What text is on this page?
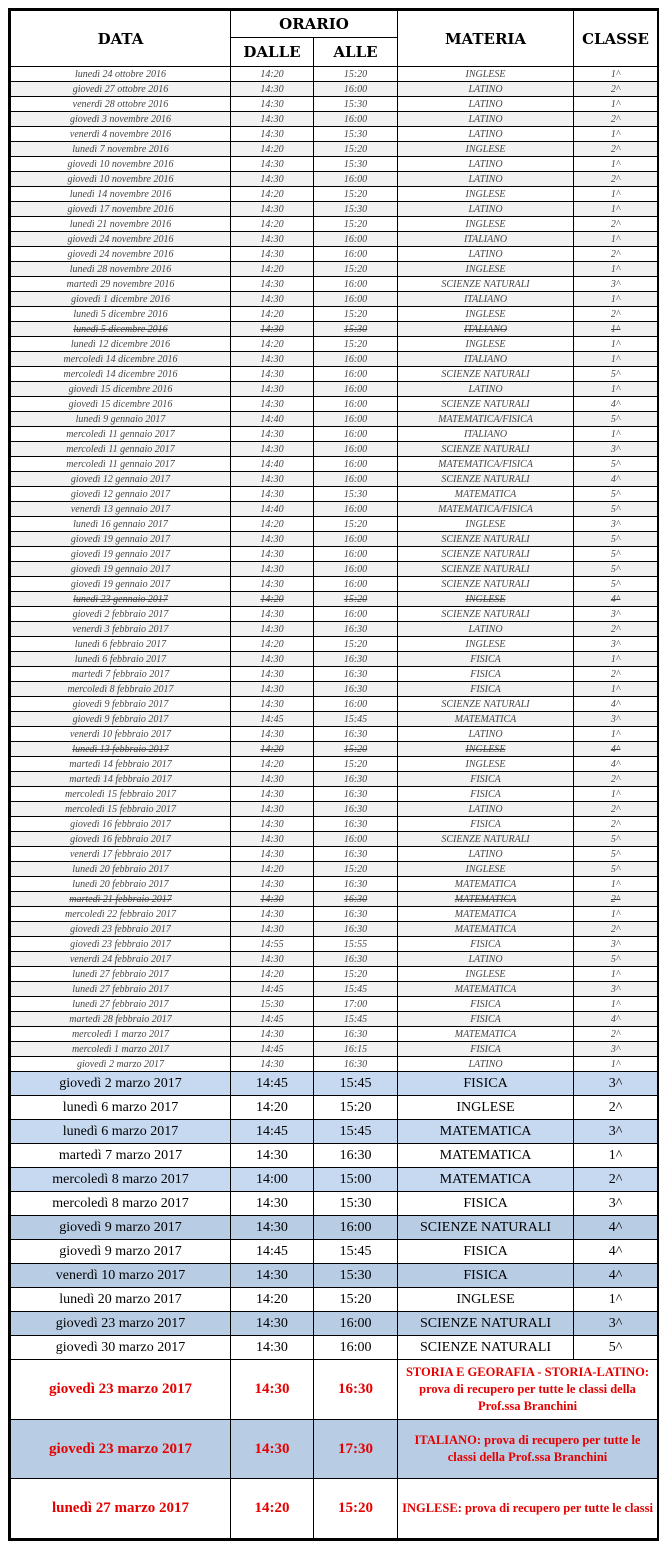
DATA	ORARIO		MATERIA	CLASSE
	DALLE	ALLE		
lunedì 24 ottobre 2016	14:20	15:20	INGLESE	1^
giovedì 27 ottobre 2016	14:30	16:00	LATINO	2^
venerdì 28 ottobre 2016	14:30	15:30	LATINO	1^
giovedì 3 novembre 2016	14:30	16:00	LATINO	2^
venerdì 4 novembre 2016	14:30	15:30	LATINO	1^
lunedì 7 novembre 2016	14:20	15:20	INGLESE	2^
giovedì 10 novembre 2016	14:30	15:30	LATINO	1^
giovedì 10 novembre 2016	14:30	16:00	LATINO	2^
lunedì 14 novembre 2016	14:20	15:20	INGLESE	1^
giovedì 17 novembre 2016	14:30	15:30	LATINO	1^
lunedì 21 novembre 2016	14:20	15:20	INGLESE	2^
giovedì 24 novembre 2016	14:30	16:00	ITALIANO	1^
giovedì 24 novembre 2016	14:30	16:00	LATINO	2^
lunedì 28 novembre 2016	14:20	15:20	INGLESE	1^
martedì 29 novembre 2016	14:30	16:00	SCIENZE NATURALI	3^
giovedì 1 dicembre 2016	14:30	16:00	ITALIANO	1^
lunedì 5 dicembre 2016	14:20	15:20	INGLESE	2^
lunedì 5 dicembre 2016	14:30	15:30	ITALIANO	1^
lunedì 12 dicembre 2016	14:20	15:20	INGLESE	1^
mercoledì 14 dicembre 2016	14:30	16:00	ITALIANO	1^
mercoledì 14 dicembre 2016	14:30	16:00	SCIENZE NATURALI	5^
giovedì 15 dicembre 2016	14:30	16:00	LATINO	1^
giovedì 15 dicembre 2016	14:30	16:00	SCIENZE NATURALI	4^
lunedì 9 gennaio 2017	14:40	16:00	MATEMATICA/FISICA	5^
mercoledì 11 gennaio 2017	14:30	16:00	ITALIANO	1^
mercoledì 11 gennaio 2017	14:30	16:00	SCIENZE NATURALI	3^
mercoledì 11 gennaio 2017	14:40	16:00	MATEMATICA/FISICA	5^
giovedì 12 gennaio 2017	14:30	16:00	SCIENZE NATURALI	4^
giovedì 12 gennaio 2017	14:30	15:30	MATEMATICA	5^
venerdì 13 gennaio 2017	14:40	16:00	MATEMATICA/FISICA	5^
lunedì 16 gennaio 2017	14:20	15:20	INGLESE	3^
giovedì 19 gennaio 2017	14:30	16:00	SCIENZE NATURALI	5^
giovedì 19 gennaio 2017	14:30	16:00	SCIENZE NATURALI	5^
giovedì 19 gennaio 2017	14:30	16:00	SCIENZE NATURALI	5^
giovedì 19 gennaio 2017	14:30	16:00	SCIENZE NATURALI	5^
lunedì 23 gennaio 2017	14:20	15:20	INGLESE	4^
giovedì 2 febbraio 2017	14:30	16:00	SCIENZE NATURALI	3^
venerdì 3 febbraio 2017	14:30	16:30	LATINO	2^
lunedì 6 febbraio 2017	14:20	15:20	INGLESE	3^
lunedì 6 febbraio 2017	14:30	16:30	FISICA	1^
martedì 7 febbraio 2017	14:30	16:30	FISICA	2^
mercoledì 8 febbraio 2017	14:30	16:30	FISICA	1^
giovedì 9 febbraio 2017	14:30	16:00	SCIENZE NATURALI	4^
giovedì 9 febbraio 2017	14:45	15:45	MATEMATICA	3^
venerdì 10 febbraio 2017	14:30	16:30	LATINO	1^
lunedì 13 febbraio 2017	14:20	15:20	INGLESE	4^
martedì 14 febbraio 2017	14:20	15:20	INGLESE	4^
martedì 14 febbraio 2017	14:30	16:30	FISICA	2^
mercoledì 15 febbraio 2017	14:30	16:30	FISICA	1^
mercoledì 15 febbraio 2017	14:30	16:30	LATINO	2^
giovedì 16 febbraio 2017	14:30	16:30	FISICA	2^
giovedì 16 febbraio 2017	14:30	16:00	SCIENZE NATURALI	5^
venerdì 17 febbraio 2017	14:30	16:30	LATINO	5^
lunedì 20 febbraio 2017	14:20	15:20	INGLESE	5^
lunedì 20 febbraio 2017	14:30	16:30	MATEMATICA	1^
martedì 21 febbraio 2017	14:30	16:30	MATEMATICA	2^
mercoledì 22 febbraio 2017	14:30	16:30	MATEMATICA	1^
giovedì 23 febbraio 2017	14:30	16:30	MATEMATICA	2^
giovedì 23 febbraio 2017	14:55	15:55	FISICA	3^
venerdì 24 febbraio 2017	14:30	16:30	LATINO	5^
lunedì 27 febbraio 2017	14:20	15:20	INGLESE	1^
lunedì 27 febbraio 2017	14:45	15:45	MATEMATICA	3^
lunedì 27 febbraio 2017	15:30	17:00	FISICA	1^
martedì 28 febbraio 2017	14:45	15:45	FISICA	4^
mercoledì 1 marzo 2017	14:30	16:30	MATEMATICA	2^
mercoledì 1 marzo 2017	14:45	16:15	FISICA	3^
giovedì 2 marzo 2017	14:30	16:30	LATINO	1^
giovedì 2 marzo 2017	14:45	15:45	FISICA	3^
lunedì 6 marzo 2017	14:20	15:20	INGLESE	2^
lunedì 6 marzo 2017	14:45	15:45	MATEMATICA	3^
martedì 7 marzo 2017	14:30	16:30	MATEMATICA	1^
mercoledì 8 marzo 2017	14:00	15:00	MATEMATICA	2^
mercoledì 8 marzo 2017	14:30	15:30	FISICA	3^
giovedì 9 marzo 2017	14:30	16:00	SCIENZE NATURALI	4^
giovedì 9 marzo 2017	14:45	15:45	FISICA	4^
venerdì 10 marzo 2017	14:30	15:30	FISICA	4^
lunedì 20 marzo 2017	14:20	15:20	INGLESE	1^
giovedì 23 marzo 2017	14:30	16:00	SCIENZE NATURALI	3^
giovedì 30 marzo 2017	14:30	16:00	SCIENZE NATURALI	5^
giovedì 23 marzo 2017	14:30	16:30	STORIA E GEORAFIA - STORIA-LATINO: prova di recupero per tutte le classi della Prof.ssa Branchini	
giovedì 23 marzo 2017	14:30	17:30	ITALIANO: prova di recupero per tutte le classi della Prof.ssa Branchini	
lunedì 27 marzo 2017	14:20	15:20	INGLESE: prova di recupero per tutte le classi	
